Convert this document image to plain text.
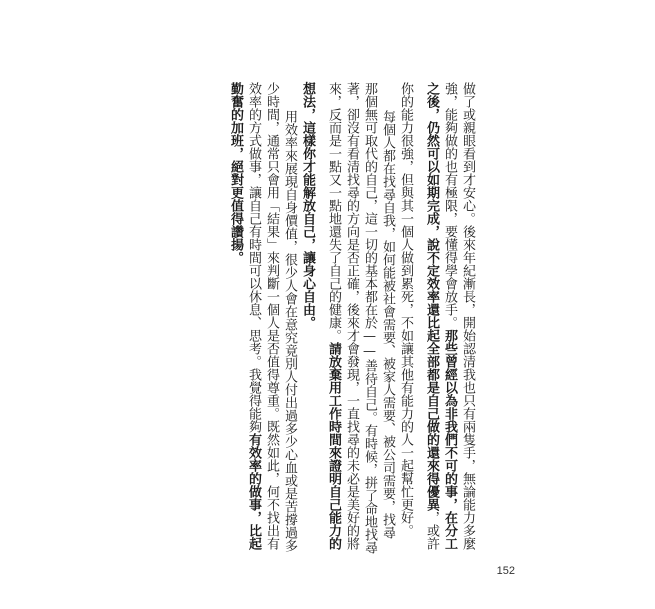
做了或親眼看到才安心。後來年紀漸長，開始認清我也只有兩隻手，無論能力多麼
強，能夠做的也有極限，要懂得學會放手。那些曾經以為非我們不可的事，在分工
之後，仍然可以如期完成，說不定效率還比起全部都是自己做的還來得優異，或許
你的能力很強，但與其一個人做到累死，不如讓其他有能力的人一起幫忙更好。
每個人都在找尋自我，如何能被社會需要、被家人需要、被公司需要，找尋
那個無可取代的自己，這一切的基本都在於——善待自己。有時候，拼了命地找尋
著，卻沒有看清找尋的方向是否正確，後來才會發現，一直找尋的未必是美好的將
來，反而是一點又一點地還失了自己的健康。請放棄用工作時間來證明自己能力的
想法，這樣你才能解放自己，讓身心自由。
用效率來展現自身價值，很少人會在意究竟別人付出過多少心血或是苦撐過多
少時間，通常只會用「結果」來判斷一個人是否值得尊重。既然如此，何不找出有
效率的方式做事，讓自己有時間可以休息、思考。我覺得能夠有效率的做事，比起
勤奮的加班，絕對更值得讚揚。
152
